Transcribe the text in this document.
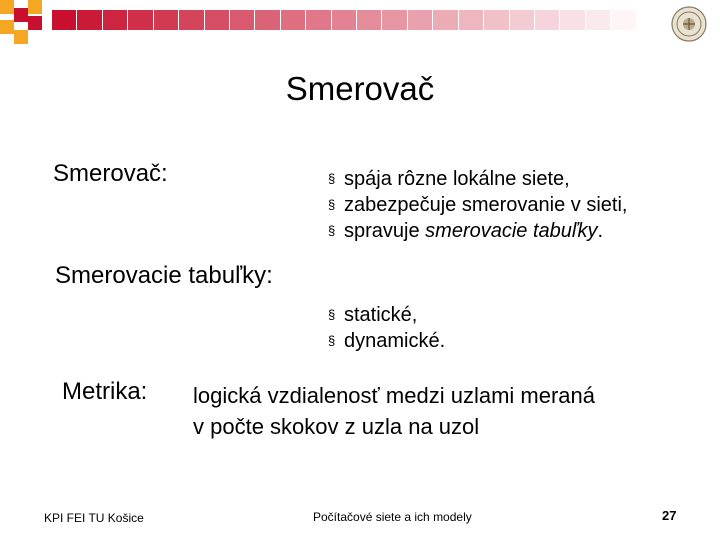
Smerovač
Smerovač:	§ spája rôzne lokálne siete,
§ zabezpečuje smerovanie v sieti,
§ spravuje smerovacie tabuľky.
Smerovacie tabuľky:
§ statické,
§ dynamické.
Metrika: logická vzdialenosť medzi uzlami meraná
v počte skokov z uzla na uzol
KPI FEI TU Košice	Počítačové siete a ich modely	27
